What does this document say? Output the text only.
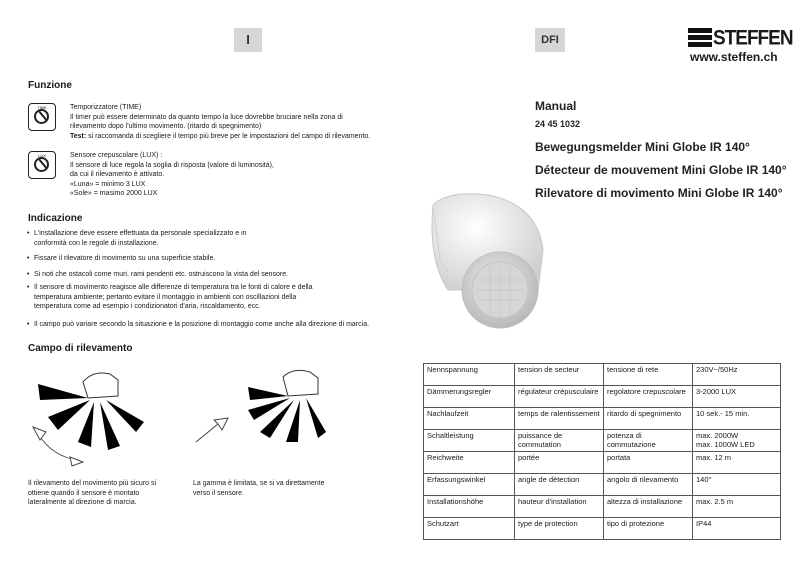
I
Funzione
TIME	Temporizzatore (TIME)
Il timer può essere determinato da quanto tempo la luce dovrebbe bruciare nella zona di
rilevamento dopo l'ultimo movimento. (ritardo di spegnimento)
Test: si raccomanda di scegliere il tempo più breve per le impostazioni del campo di rilevamento.
LUX	Sensore crepuscolare (LUX) :
Il sensore di luce regola la soglia di risposta (valore di luminosità),
da cui il rilevamento è attivato.
«Luna» = minimo 3 LUX
«Sole» = masimo 2000 LUX
Indicazione
• L'installazione deve essere effettuata da personale specializzato e in
conformità con le regole di installazione.
• Fissare il rilevatore di movimento su una superficie stabile.
• Si noti che ostacoli come muri, rami pendenti etc. ostruiscono la vista del sensore.
• Il sensore di movimento reagisce alle differenze di temperatura tra le fonti di calore e della
temperatura ambiente; pertanto evitare il montaggio in ambienti con oscillazioni della
temperatura come ad esempio i condizionatori d'aria, riscaldamento, ecc.
• Il campo può variare secondo la situazione e la posizione di montaggio come anche alla direzione di marcia.
Campo di rilevamento
Il rilevamento del movimento più sicuro si
ottiene quando il sensore è montato
lateralmente al direzione di marcia.
La gamma è limitata, se si va direttamente
verso il sensore.
DFI	STEFFEN
www.steffen.ch
Manual
24 45 1032
Bewegungsmelder Mini Globe IR 140°
Détecteur de mouvement Mini Globe IR 140°
Rilevatore di movimento Mini Globe IR 140°
Nennspannung	tension de secteur	tensione di rete	230V~/50Hz
Dämmerungsregler	régulateur crépusculaire	regolatore crepuscolare	3-2000 LUX
Nachlaufzeit	temps de ralentissement	ritardo di spegnimento	10 sek.- 15 min.
Schaltleistung	puissance de commutation	potenza di commutazione	max. 2000W
max. 1000W LED

Reichweite	portée	portata	max. 12 m
Erfassungswinkel	angle de détection	angolo di rilevamento	140°
Installationshöhe	hauteur d'installation	altezza di installazione	max. 2.5 m
Schutzart	type de protection	tipo di protezione	IP44
